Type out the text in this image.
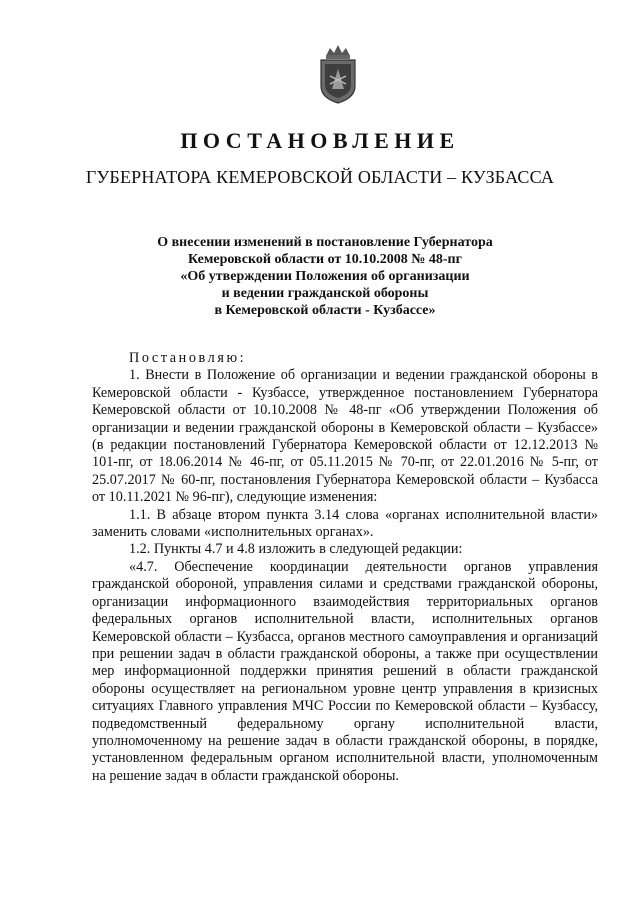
ПОСТАНОВЛЕНИЕ
ГУБЕРНАТОРА КЕМЕРОВСКОЙ ОБЛАСТИ – КУЗБАССА
О внесении изменений в постановление Губернатора
Кемеровской области от 10.10.2008 № 48-пг
«Об утверждении Положения об организации
и ведении гражданской обороны
в Кемеровской области - Кузбассе»

Постановляю:

1. Внести в Положение об организации и ведении гражданской обороны в Кемеровской области - Кузбассе, утвержденное постановлением Губернатора Кемеровской области от 10.10.2008 № 48-пг «Об утверждении Положения об организации и ведении гражданской обороны в Кемеровской области – Кузбассе» (в редакции постановлений Губернатора Кемеровской области от 12.12.2013 № 101-пг, от 18.06.2014 № 46-пг, от 05.11.2015 № 70-пг, от 22.01.2016 № 5-пг, от 25.07.2017 № 60-пг, постановления Губернатора Кемеровской области – Кузбасса от 10.11.2021 № 96-пг), следующие изменения:

1.1. В абзаце втором пункта 3.14 слова «органах исполнительной власти» заменить словами «исполнительных органах».

1.2. Пункты 4.7 и 4.8 изложить в следующей редакции:

«4.7. Обеспечение координации деятельности органов управления гражданской обороной, управления силами и средствами гражданской обороны, организации информационного взаимодействия территориальных органов федеральных органов исполнительной власти, исполнительных органов Кемеровской области – Кузбасса, органов местного самоуправления и организаций при решении задач в области гражданской обороны, а также при осуществлении мер информационной поддержки принятия решений в области гражданской обороны осуществляет на региональном уровне центр управления в кризисных ситуациях Главного управления МЧС России по Кемеровской области – Кузбассу, подведомственный федеральному органу исполнительной власти, уполномоченному на решение задач в области гражданской обороны, в порядке, установленном федеральным органом исполнительной власти, уполномоченным на решение задач в области гражданской обороны.
